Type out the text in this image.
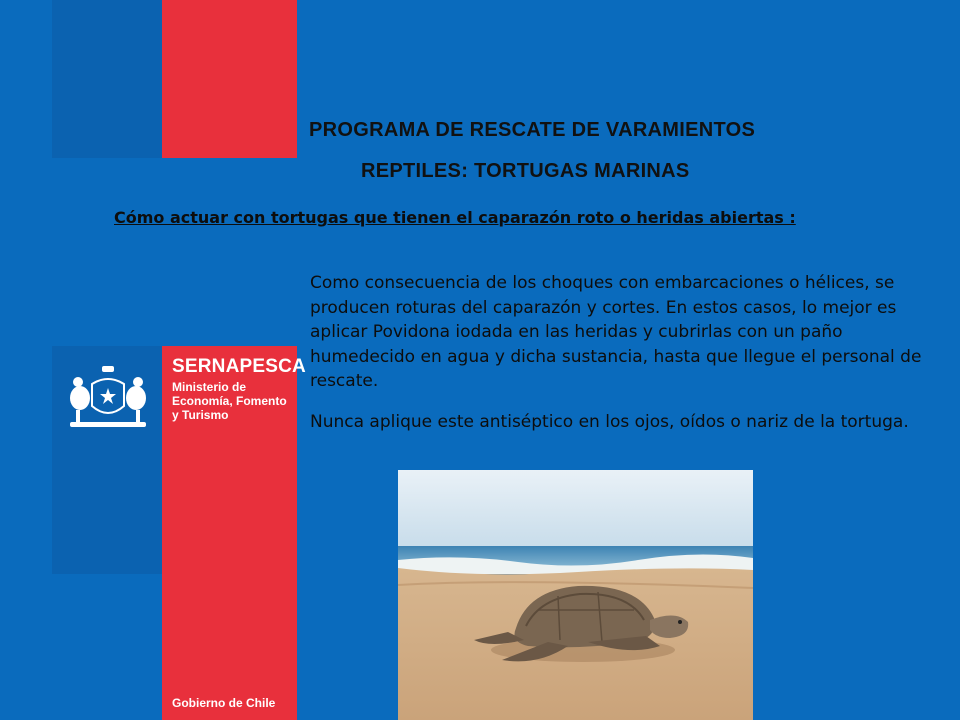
SERNAPESCA
Ministerio de
Economía, Fomento
y Turismo
Gobierno de Chile
PROGRAMA DE RESCATE DE VARAMIENTOS
REPTILES: TORTUGAS MARINAS
Cómo actuar con tortugas que tienen el caparazón roto o heridas abiertas :

Como consecuencia de los choques con embarcaciones o hélices, se producen roturas del caparazón y cortes. En estos casos, lo mejor es aplicar Povidona iodada en las heridas y cubrirlas con un paño humedecido en agua y dicha sustancia, hasta que llegue el personal de rescate.

Nunca aplique este antiséptico en los ojos, oídos o nariz de la tortuga.
